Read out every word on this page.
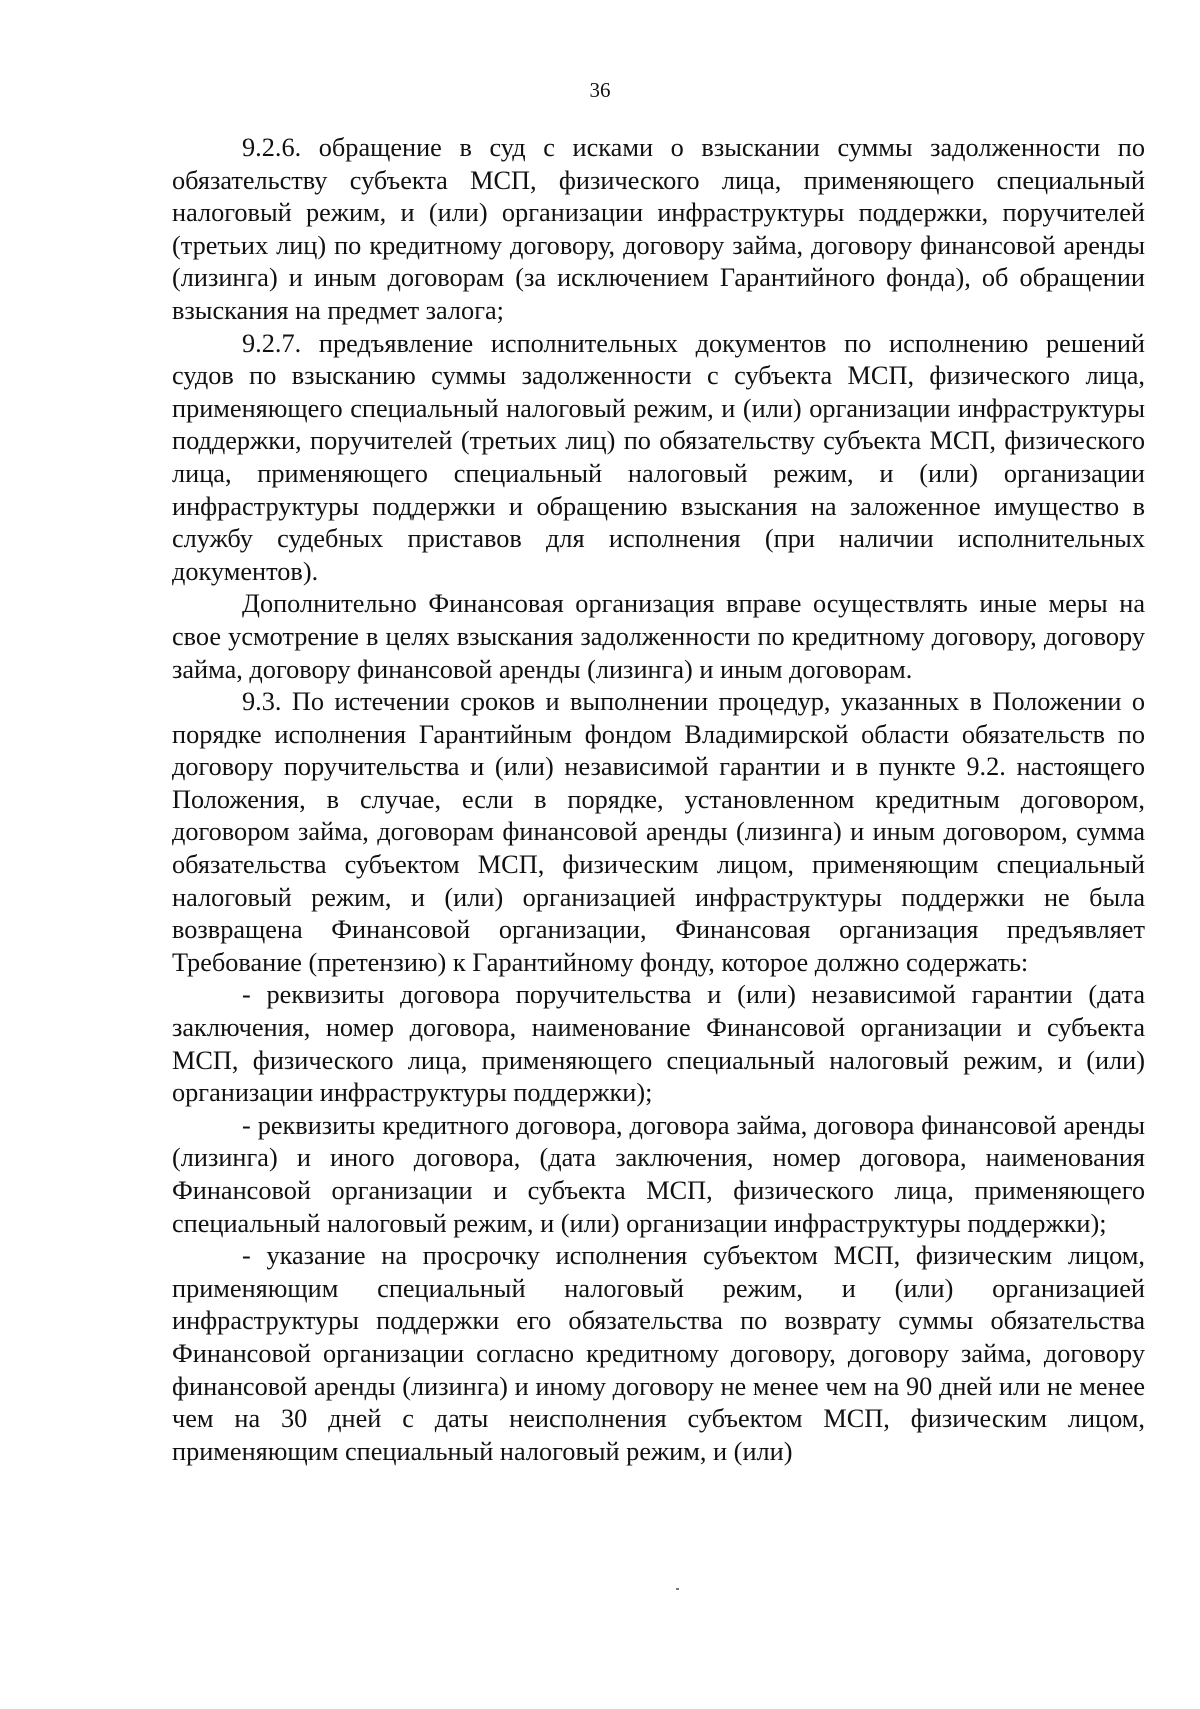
36

9.2.6. обращение в суд с исками о взыскании суммы задолженности по обязательству субъекта МСП, физического лица, применяющего специальный налоговый режим, и (или) организации инфраструктуры поддержки, поручителей (третьих лиц) по кредитному договору, договору займа, договору финансовой аренды (лизинга) и иным договорам (за исключением Гарантийного фонда), об обращении взыскания на предмет залога;

9.2.7. предъявление исполнительных документов по исполнению решений судов по взысканию суммы задолженности с субъекта МСП, физического лица, применяющего специальный налоговый режим, и (или) организации инфраструктуры поддержки, поручителей (третьих лиц) по обязательству субъекта МСП, физического лица, применяющего специальный налоговый режим, и (или) организации инфраструктуры поддержки и обращению взыскания на заложенное имущество в службу судебных приставов для исполнения (при наличии исполнительных документов).

Дополнительно Финансовая организация вправе осуществлять иные меры на свое усмотрение в целях взыскания задолженности по кредитному договору, договору займа, договору финансовой аренды (лизинга) и иным договорам.

9.3. По истечении сроков и выполнении процедур, указанных в Положении о порядке исполнения Гарантийным фондом Владимирской области обязательств по договору поручительства и (или) независимой гарантии и в пункте 9.2. настоящего Положения, в случае, если в порядке, установленном кредитным договором, договором займа, договорам финансовой аренды (лизинга) и иным договором, сумма обязательства субъектом МСП, физическим лицом, применяющим специальный налоговый режим, и (или) организацией инфраструктуры поддержки не была возвращена Финансовой организации, Финансовая организация предъявляет Требование (претензию) к Гарантийному фонду, которое должно содержать:

- реквизиты договора поручительства и (или) независимой гарантии (дата заключения, номер договора, наименование Финансовой организации и субъекта МСП, физического лица, применяющего специальный налоговый режим, и (или) организации инфраструктуры поддержки);

- реквизиты кредитного договора, договора займа, договора финансовой аренды (лизинга) и иного договора, (дата заключения, номер договора, наименования Финансовой организации и субъекта МСП, физического лица, применяющего специальный налоговый режим, и (или) организации инфраструктуры поддержки);

- указание на просрочку исполнения субъектом МСП, физическим лицом, применяющим специальный налоговый режим, и (или) организацией инфраструктуры поддержки его обязательства по возврату суммы обязательства Финансовой организации согласно кредитному договору, договору займа, договору финансовой аренды (лизинга) и иному договору не менее чем на 90 дней или не менее чем на 30 дней с даты неисполнения субъектом МСП, физическим лицом, применяющим специальный налоговый режим, и (или)
